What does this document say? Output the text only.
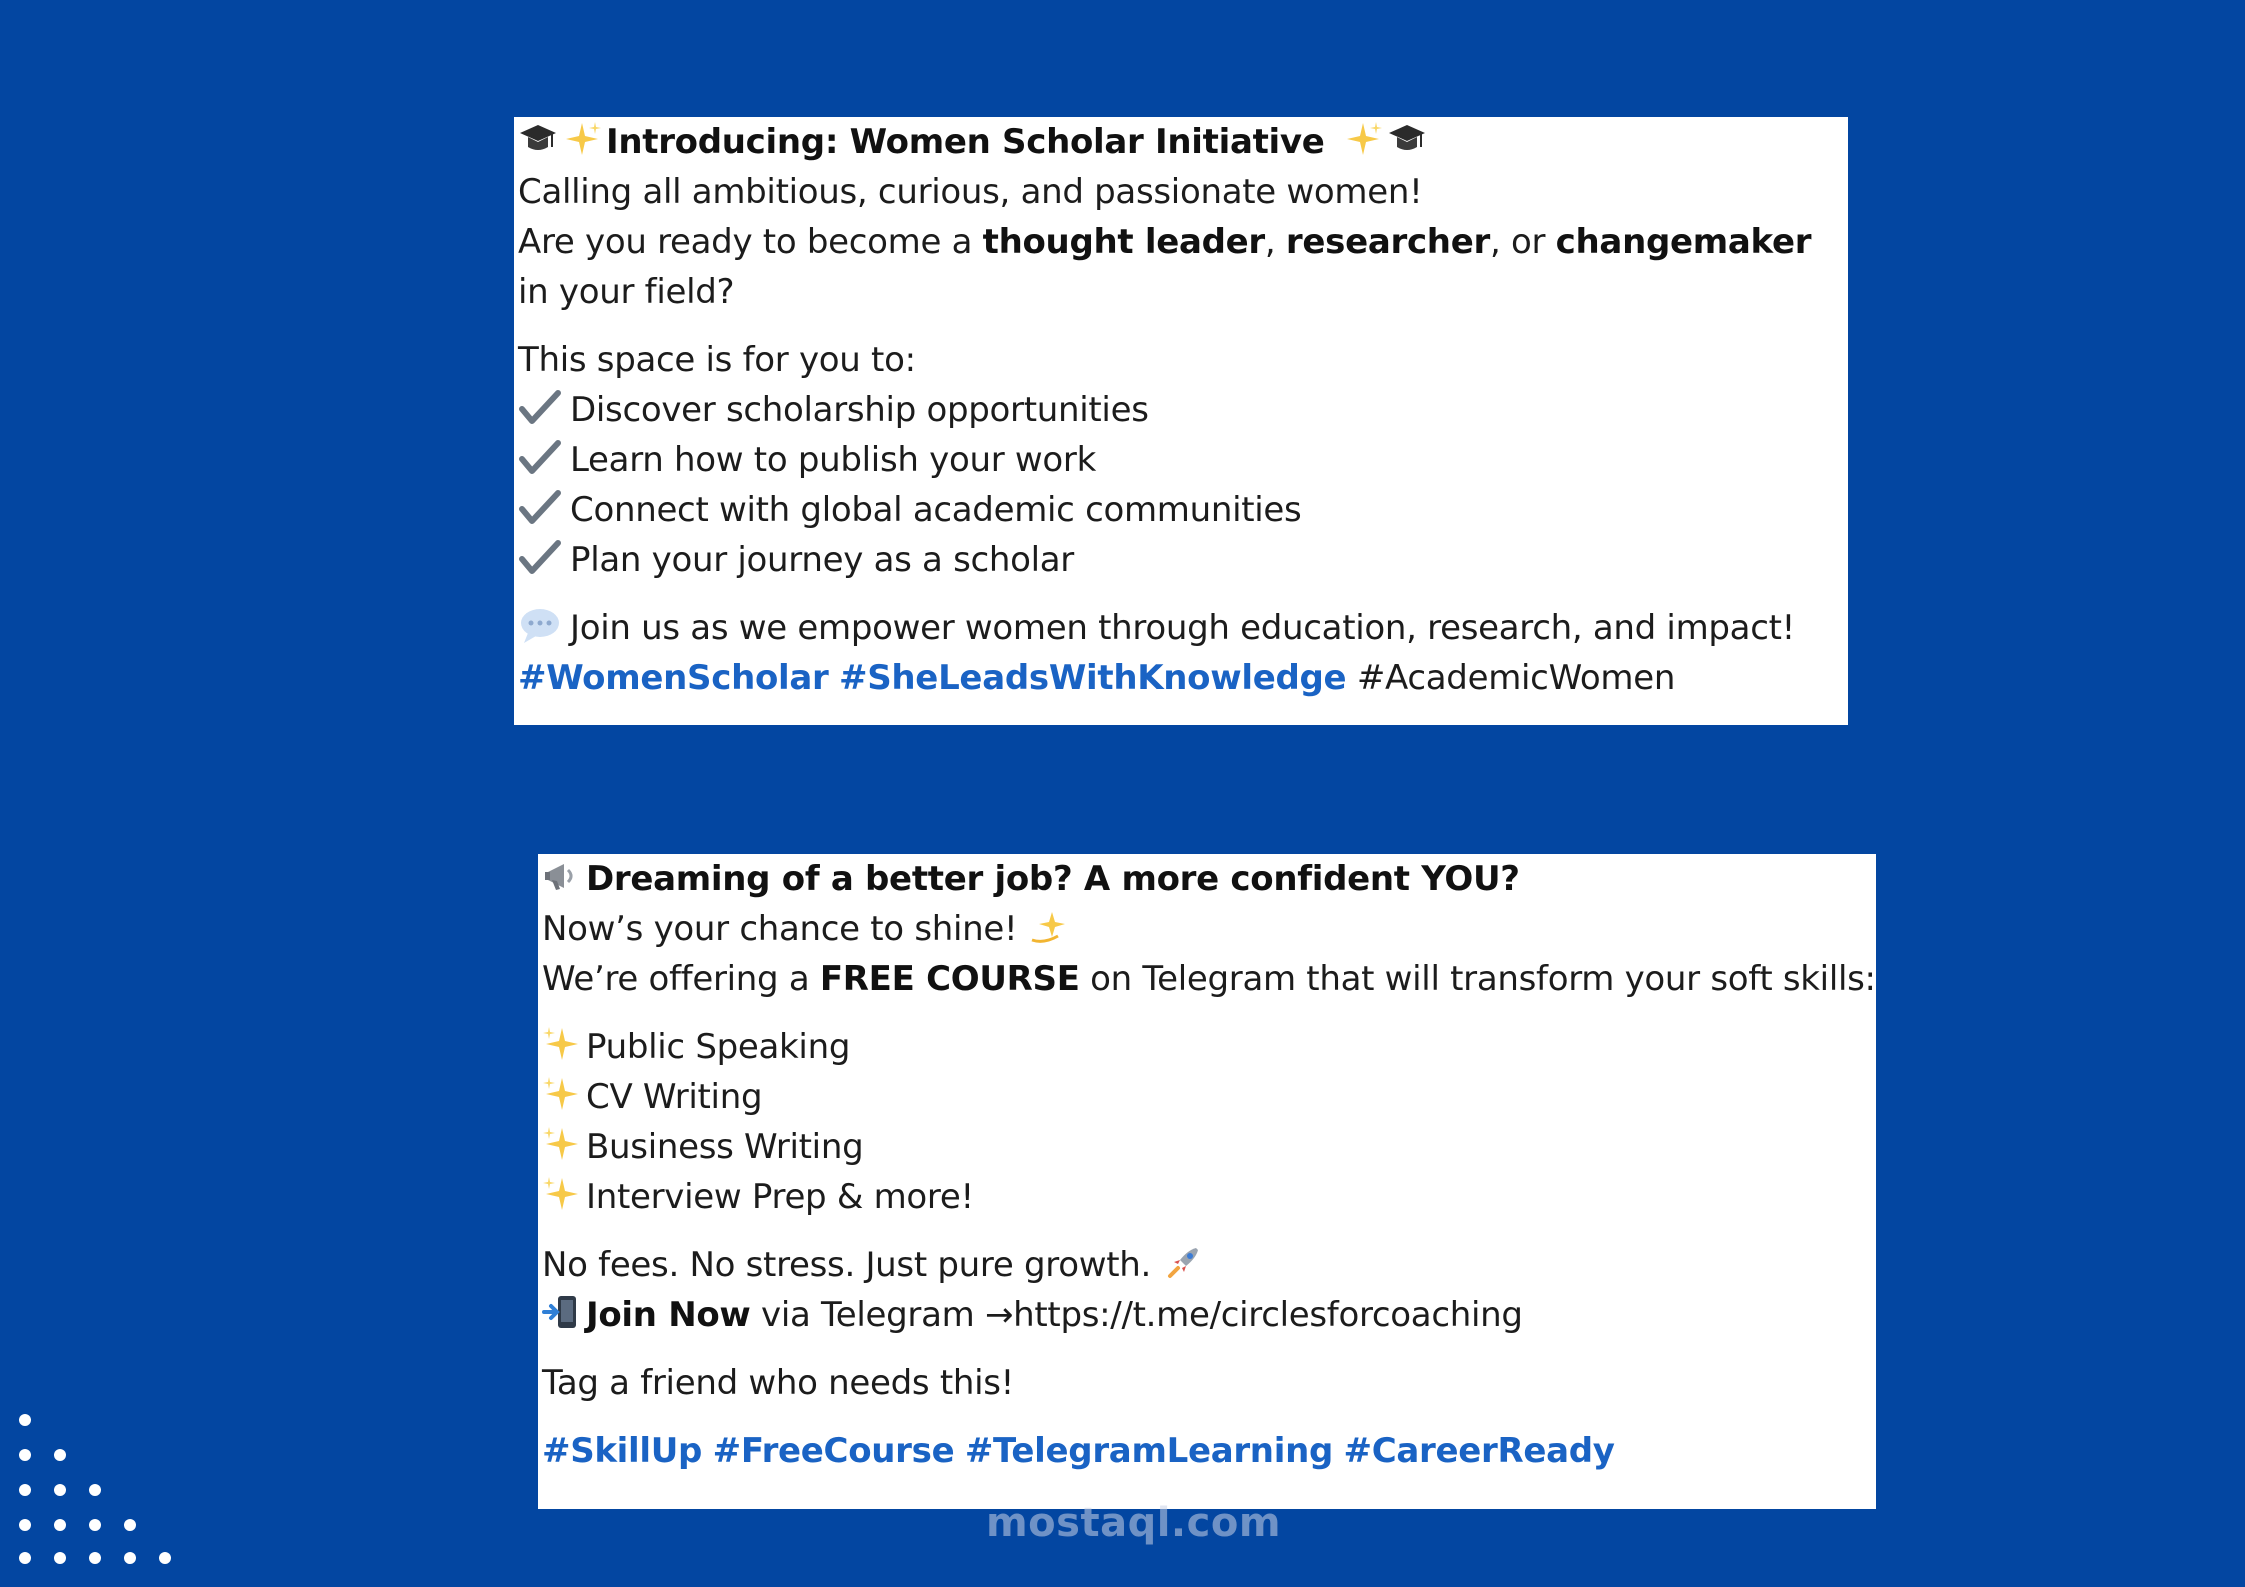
Introducing: Women Scholar Initiative
Calling all ambitious, curious, and passionate women!
Are you ready to become a thought leader, researcher, or changemaker in your field?
This space is for you to:
Discover scholarship opportunities
Learn how to publish your work
Connect with global academic communities
Plan your journey as a scholar
Join us as we empower women through education, research, and impact!
#WomenScholar #SheLeadsWithKnowledge #AcademicWomen
Dreaming of a better job? A more confident YOU?
Now’s your chance to shine!
We’re offering a FREE COURSE on Telegram that will transform your soft skills:
Public Speaking
CV Writing
Business Writing
Interview Prep & more!
No fees. No stress. Just pure growth.
Join Now via Telegram →https://t.me/circlesforcoaching
Tag a friend who needs this!
#SkillUp #FreeCourse #TelegramLearning #CareerReady
mostaql.com
